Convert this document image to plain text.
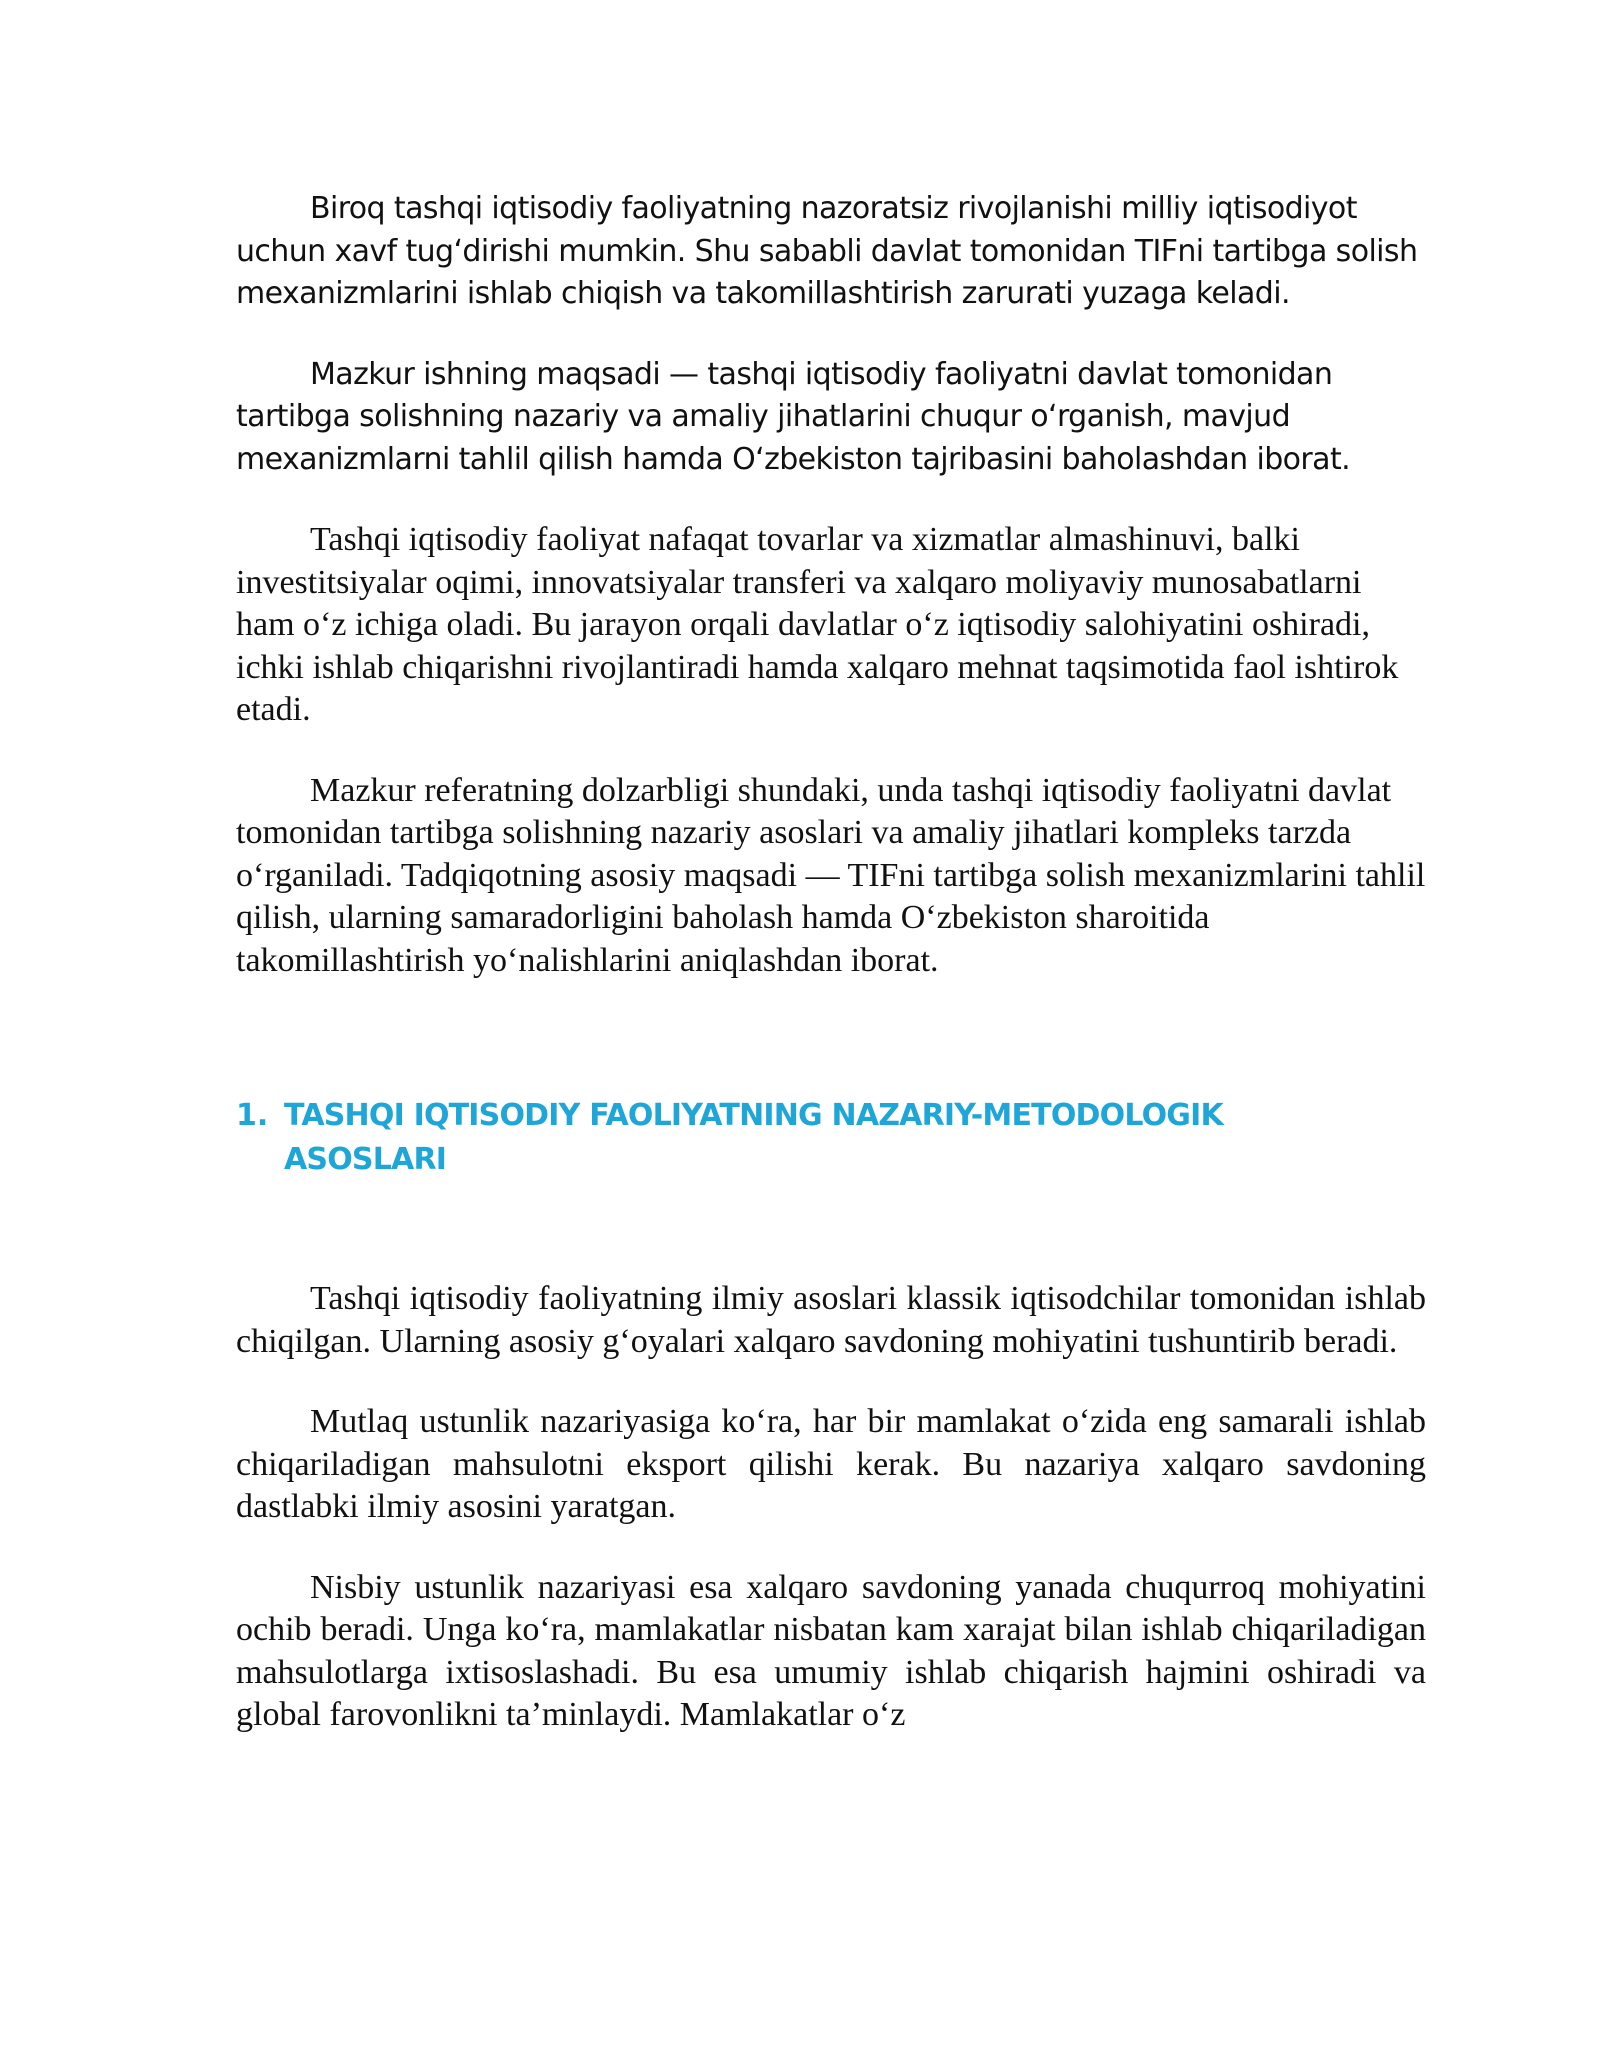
Biroq tashqi iqtisodiy faoliyatning nazoratsiz rivojlanishi milliy iqtisodiyot uchun xavf tug‘dirishi mumkin. Shu sababli davlat tomonidan TIFni tartibga solish mexanizmlarini ishlab chiqish va takomillashtirish zarurati yuzaga keladi.

Mazkur ishning maqsadi — tashqi iqtisodiy faoliyatni davlat tomonidan tartibga solishning nazariy va amaliy jihatlarini chuqur o‘rganish, mavjud mexanizmlarni tahlil qilish hamda O‘zbekiston tajribasini baholashdan iborat.

Tashqi iqtisodiy faoliyat nafaqat tovarlar va xizmatlar almashinuvi, balki investitsiyalar oqimi, innovatsiyalar transferi va xalqaro moliyaviy munosabatlarni ham o‘z ichiga oladi. Bu jarayon orqali davlatlar o‘z iqtisodiy salohiyatini oshiradi, ichki ishlab chiqarishni rivojlantiradi hamda xalqaro mehnat taqsimotida faol ishtirok etadi.

Mazkur referatning dolzarbligi shundaki, unda tashqi iqtisodiy faoliyatni davlat tomonidan tartibga solishning nazariy asoslari va amaliy jihatlari kompleks tarzda o‘rganiladi. Tadqiqotning asosiy maqsadi — TIFni tartibga solish mexanizmlarini tahlil qilish, ularning samaradorligini baholash hamda O‘zbekiston sharoitida takomillashtirish yo‘nalishlarini aniqlashdan iborat.

1. TASHQI IQTISODIY FAOLIYATNING NAZARIY-METODOLOGIK ASOSLARI

Tashqi iqtisodiy faoliyatning ilmiy asoslari klassik iqtisodchilar tomonidan ishlab chiqilgan. Ularning asosiy g‘oyalari xalqaro savdoning mohiyatini tushuntirib beradi.

Mutlaq ustunlik nazariyasiga ko‘ra, har bir mamlakat o‘zida eng samarali ishlab chiqariladigan mahsulotni eksport qilishi kerak. Bu nazariya xalqaro savdoning dastlabki ilmiy asosini yaratgan.

Nisbiy ustunlik nazariyasi esa xalqaro savdoning yanada chuqurroq mohiyatini ochib beradi. Unga ko‘ra, mamlakatlar nisbatan kam xarajat bilan ishlab chiqariladigan mahsulotlarga ixtisoslashadi. Bu esa umumiy ishlab chiqarish hajmini oshiradi va global farovonlikni ta’minlaydi. Mamlakatlar o‘z
